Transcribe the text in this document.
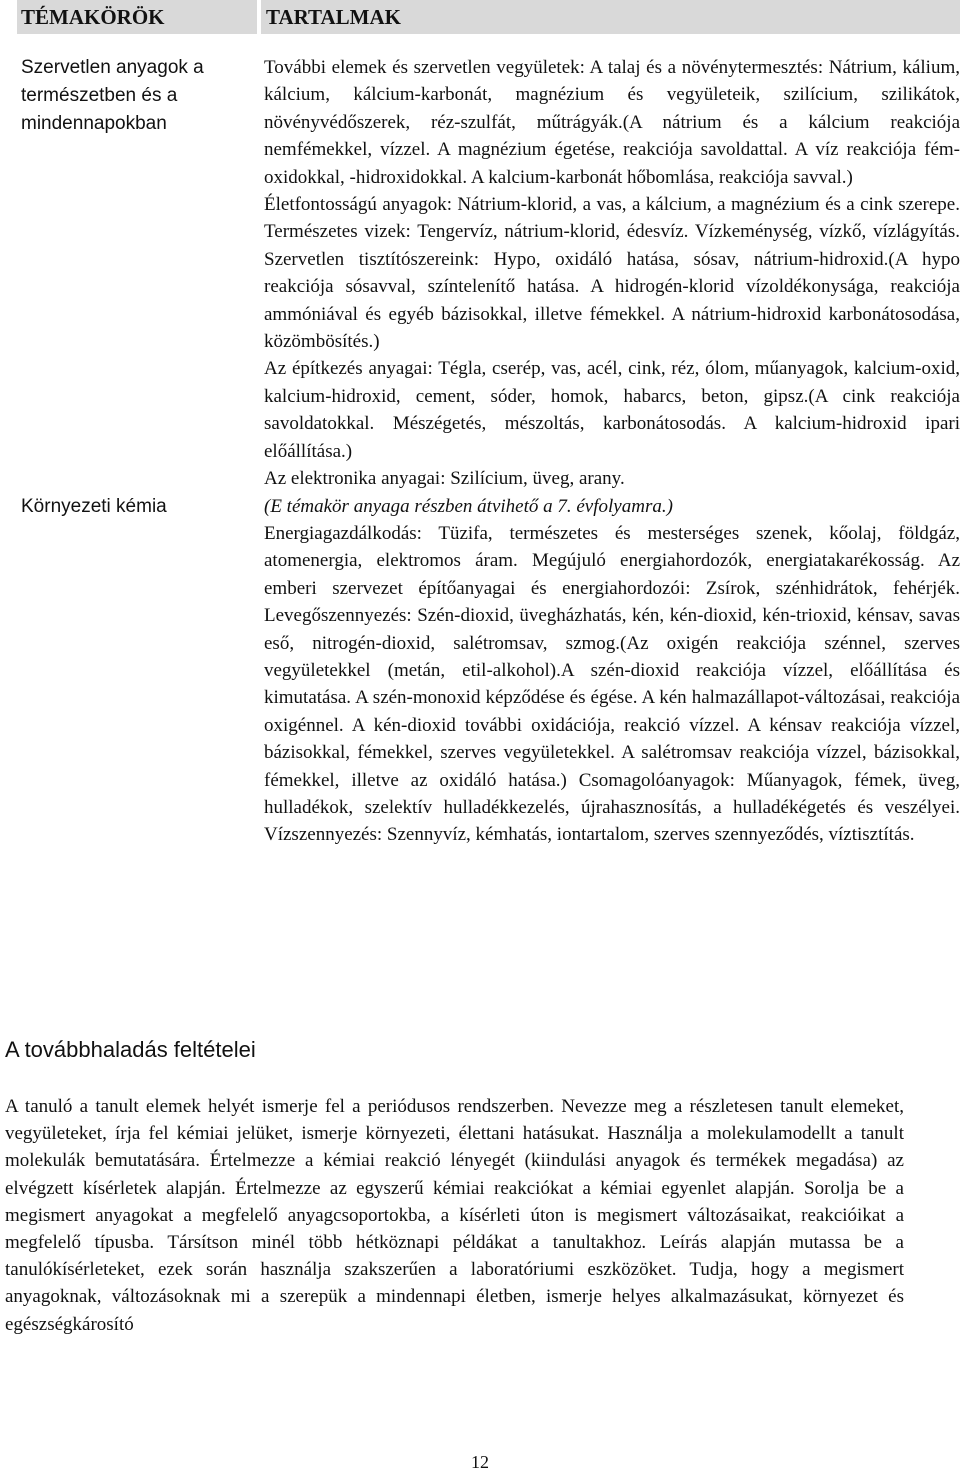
TÉMAKÖRÖK	TARTALMAK

Szervetlen anyagok a természetben és a mindennapokban	További elemek és szervetlen vegyületek: A talaj és a növénytermesztés: Nátrium, kálium, kálcium, kálcium-karbonát, magnézium és vegyületeik, szilícium, szilikátok, növényvédőszerek, réz-szulfát, műtrágyák.(A nátrium és a kálcium reakciója nemfémekkel, vízzel. A magnézium égetése, reakciója savoldattal. A víz reakciója fém-oxidokkal, -hidroxidokkal. A kalcium-karbonát hőbomlása, reakciója savval.)

Életfontosságú anyagok: Nátrium-klorid, a vas, a kálcium, a magnézium és a cink szerepe. Természetes vizek: Tengervíz, nátrium-klorid, édesvíz. Vízkeménység, vízkő, vízlágyítás. Szervetlen tisztítószereink: Hypo, oxidáló hatása, sósav, nátrium-hidroxid.(A hypo reakciója sósavval, színtelenítő hatása. A hidrogén-klorid vízoldékonysága, reakciója ammóniával és egyéb bázisokkal, illetve fémekkel. A nátrium-hidroxid karbonátosodása, közömbösítés.)

Az építkezés anyagai: Tégla, cserép, vas, acél, cink, réz, ólom, műanyagok, kalcium-oxid, kalcium-hidroxid, cement, sóder, homok, habarcs, beton, gipsz.(A cink reakciója savoldatokkal. Mészégetés, mészoltás, karbonátosodás. A kalcium-hidroxid ipari előállítása.)

Az elektronika anyagai: Szilícium, üveg, arany.

Környezeti kémia	(E témakör anyaga részben átvihető a 7. évfolyamra.)

Energiagazdálkodás: Tüzifa, természetes és mesterséges szenek, kőolaj, földgáz, atomenergia, elektromos áram. Megújuló energiahordozók, energiatakarékosság. Az emberi szervezet építőanyagai és energiahordozói: Zsírok, szénhidrátok, fehérjék. Levegőszennyezés: Szén-dioxid, üvegházhatás, kén, kén-dioxid, kén-trioxid, kénsav, savas eső, nitrogén-dioxid, salétromsav, szmog.(Az oxigén reakciója szénnel, szerves vegyületekkel (metán, etil-alkohol).A szén-dioxid reakciója vízzel, előállítása és kimutatása. A szén-monoxid képződése és égése. A kén halmazállapot-változásai, reakciója oxigénnel. A kén-dioxid további oxidációja, reakció vízzel. A kénsav reakciója vízzel, bázisokkal, fémekkel, szerves vegyületekkel. A salétromsav reakciója vízzel, bázisokkal, fémekkel, illetve az oxidáló hatása.) Csomagolóanyagok: Műanyagok, fémek, üveg, hulladékok, szelektív hulladékkezelés, újrahasznosítás, a hulladékégetés és veszélyei. Vízszennyezés: Szennyvíz, kémhatás, iontartalom, szerves szennyeződés, víztisztítás.

A továbbhaladás feltételei

A tanuló a tanult elemek helyét ismerje fel a periódusos rendszerben. Nevezze meg a részletesen tanult elemeket, vegyületeket, írja fel kémiai jelüket, ismerje környezeti, élettani hatásukat. Használja a molekulamodellt a tanult molekulák bemutatására. Értelmezze a kémiai reakció lényegét (kiindulási anyagok és termékek megadása) az elvégzett kísérletek alapján. Értelmezze az egyszerű kémiai reakciókat a kémiai egyenlet alapján. Sorolja be a megismert anyagokat a megfelelő anyagcsoportokba, a kísérleti úton is megismert változásaikat, reakcióikat a megfelelő típusba. Társítson minél több hétköznapi példákat a tanultakhoz. Leírás alapján mutassa be a tanulókísérleteket, ezek során használja szakszerűen a laboratóriumi eszközöket. Tudja, hogy a megismert anyagoknak, változásoknak mi a szerepük a mindennapi életben, ismerje helyes alkalmazásukat, környezet és egészségkárosító

12
